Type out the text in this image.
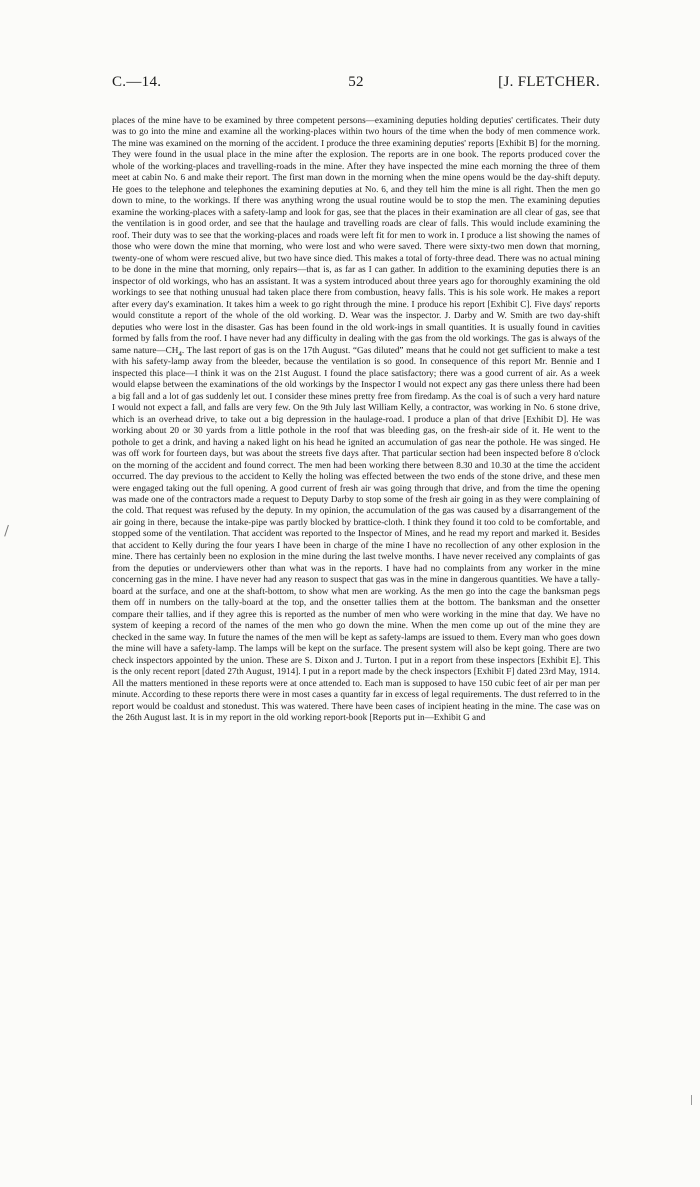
C.—14.	52	[J. FLETCHER.

places of the mine have to be examined by three competent persons—examining deputies holding deputies' certificates. Their duty was to go into the mine and examine all the working-places within two hours of the time when the body of men commence work. The mine was examined on the morning of the accident. I produce the three examining deputies' reports [Exhibit B] for the morning. They were found in the usual place in the mine after the explosion. The reports are in one book. The reports produced cover the whole of the working-places and travelling-roads in the mine. After they have inspected the mine each morning the three of them meet at cabin No. 6 and make their report. The first man down in the morning when the mine opens would be the day-shift deputy. He goes to the telephone and telephones the examining deputies at No. 6, and they tell him the mine is all right. Then the men go down to mine, to the workings. If there was anything wrong the usual routine would be to stop the men. The examining deputies examine the working-places with a safety-lamp and look for gas, see that the places in their examination are all clear of gas, see that the ventilation is in good order, and see that the haulage and travelling roads are clear of falls. This would include examining the roof. Their duty was to see that the working-places and roads were left fit for men to work in. I produce a list showing the names of those who were down the mine that morning, who were lost and who were saved. There were sixty-two men down that morning, twenty-one of whom were rescued alive, but two have since died. This makes a total of forty-three dead. There was no actual mining to be done in the mine that morning, only repairs—that is, as far as I can gather. In addition to the examining deputies there is an inspector of old workings, who has an assistant. It was a system introduced about three years ago for thoroughly examining the old workings to see that nothing unusual had taken place there from combustion, heavy falls. This is his sole work. He makes a report after every day's examination. It takes him a week to go right through the mine. I produce his report [Exhibit C]. Five days' reports would constitute a report of the whole of the old working. D. Wear was the inspector. J. Darby and W. Smith are two day-shift deputies who were lost in the disaster. Gas has been found in the old work-ings in small quantities. It is usually found in cavities formed by falls from the roof. I have never had any difficulty in dealing with the gas from the old workings. The gas is always of the same $nature—CH_4$. The last report of gas is on the 17th August. “Gas diluted” means that he could not get sufficient to make a test with his safety-lamp away from the bleeder, because the ventilation is so good. In consequence of this report Mr. Bennie and I inspected this place—I think it was on the 21st August. I found the place satisfactory; there was a good current of air. As a week would elapse between the examinations of the old workings by the Inspector I would not expect any gas there unless there had been a big fall and a lot of gas suddenly let out. I consider these mines pretty free from firedamp. As the coal is of such a very hard nature I would not expect a fall, and falls are very few. On the 9th July last William Kelly, a contractor, was working in No. 6 stone drive, which is an overhead drive, to take out a big depression in the haulage-road. I produce a plan of that drive [Exhibit D]. He was working about 20 or 30 yards from a little pothole in the roof that was bleeding gas, on the fresh-air side of it. He went to the pothole to get a drink, and having a naked light on his head he ignited an accumulation of gas near the pothole. He was singed. He was off work for fourteen days, but was about the streets five days after. That particular section had been inspected before 8 o'clock on the morning of the accident and found correct. The men had been working there between 8.30 and 10.30 at the time the accident occurred. The day previous to the accident to Kelly the holing was effected between the two ends of the stone drive, and these men were engaged taking out the full opening. A good current of fresh air was going through that drive, and from the time the opening was made one of the contractors made a request to Deputy Darby to stop some of the fresh air going in as they were complaining of the cold. That request was refused by the deputy. In my opinion, the accumulation of the gas was caused by a disarrangement of the air going in there, because the intake-pipe was partly blocked by brattice-cloth. I think they found it too cold to be comfortable, and stopped some of the ventilation. That accident was reported to the Inspector of Mines, and he read my report and marked it. Besides that accident to Kelly during the four years I have been in charge of the mine I have no recollection of any other explosion in the mine. There has certainly been no explosion in the mine during the last twelve months. I have never received any complaints of gas from the deputies or underviewers other than what was in the reports. I have had no complaints from any worker in the mine concerning gas in the mine. I have never had any reason to suspect that gas was in the mine in dangerous quantities. We have a tally-board at the surface, and one at the shaft-bottom, to show what men are working. As the men go into the cage the banksman pegs them off in numbers on the tally-board at the top, and the onsetter tallies them at the bottom. The banksman and the onsetter compare their tallies, and if they agree this is reported as the number of men who were working in the mine that day. We have no system of keeping a record of the names of the men who go down the mine. When the men come up out of the mine they are checked in the same way. In future the names of the men will be kept as safety-lamps are issued to them. Every man who goes down the mine will have a safety-lamp. The lamps will be kept on the surface. The present system will also be kept going. There are two check inspectors appointed by the union. These are S. Dixon and J. Turton. I put in a report from these inspectors [Exhibit E]. This is the only recent report [dated 27th August, 1914]. I put in a report made by the check inspectors [Exhibit F] dated 23rd May, 1914. All the matters mentioned in these reports were at once attended to. Each man is supposed to have 150 cubic feet of air per man per minute. According to these reports there were in most cases a quantity far in excess of legal requirements. The dust referred to in the report would be coaldust and stonedust. This was watered. There have been cases of incipient heating in the mine. The case was on the 26th August last. It is in my report in the old working report-book [Reports put in—Exhibit G and
